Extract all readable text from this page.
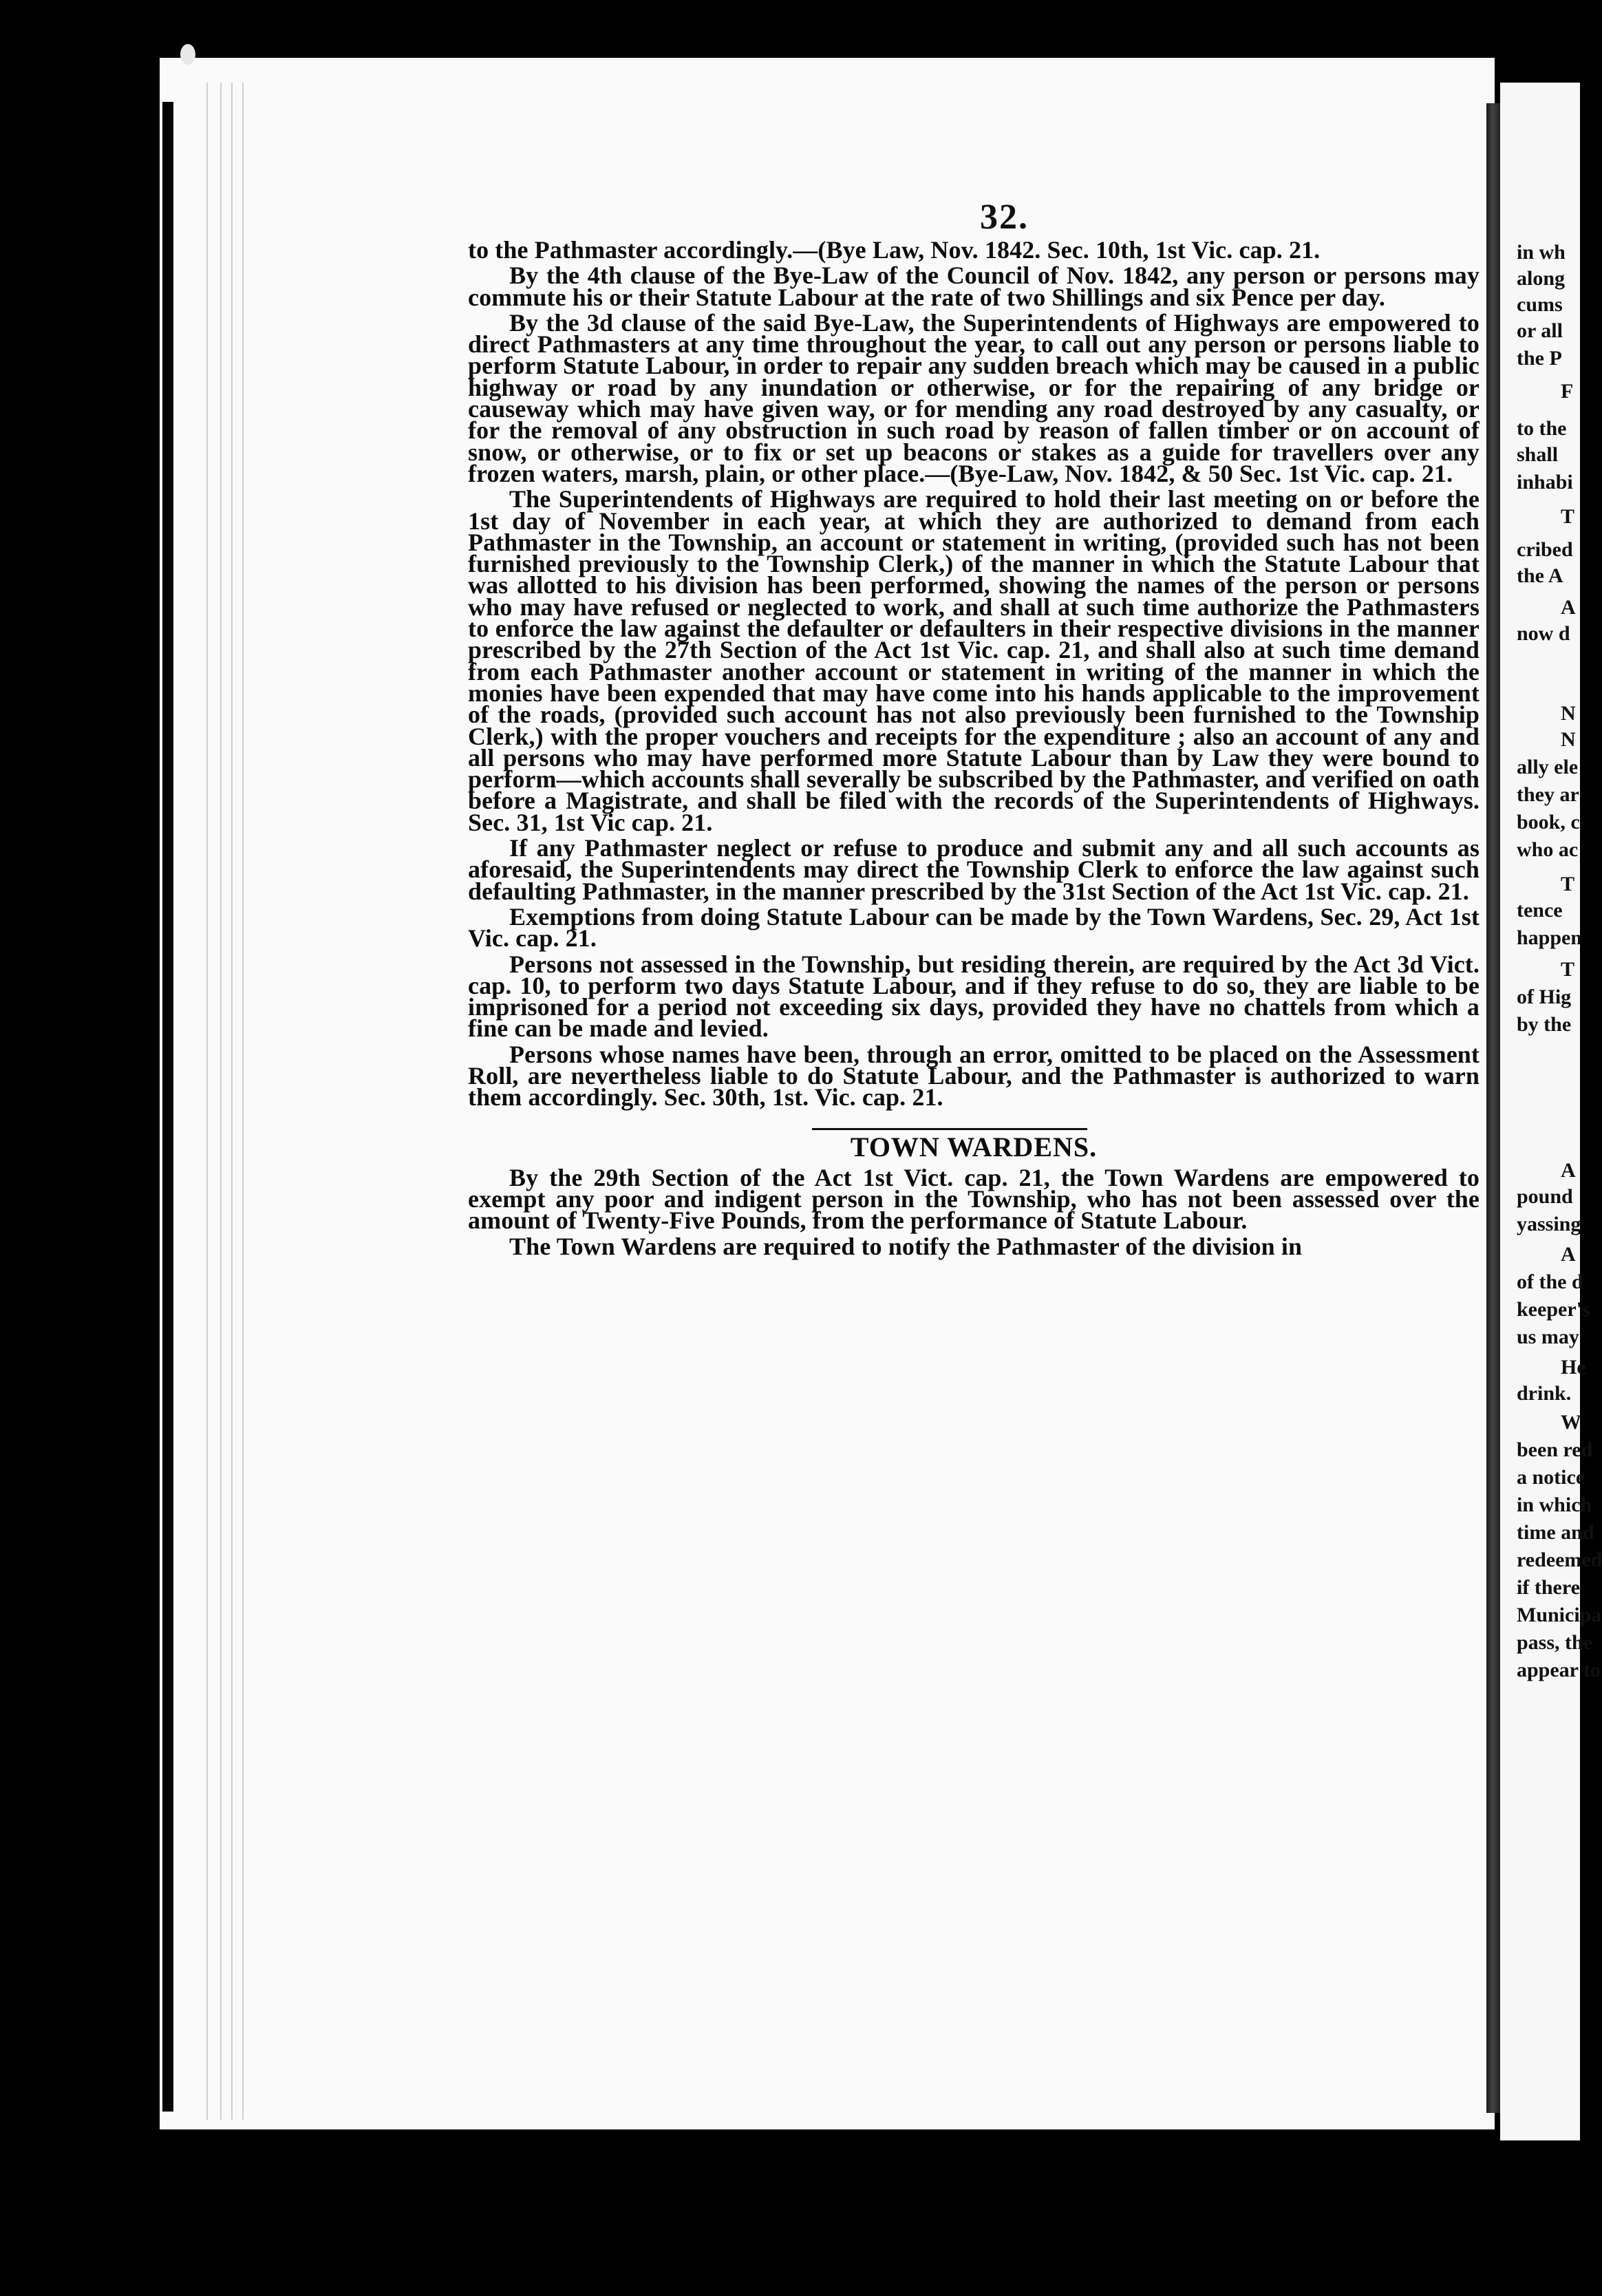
32.

to the Pathmaster accordingly.—(Bye Law, Nov. 1842. Sec. 10th, 1st Vic. cap. 21.

By the 4th clause of the Bye-Law of the Council of Nov. 1842, any person or persons may commute his or their Statute Labour at the rate of two Shillings and six Pence per day.

By the 3d clause of the said Bye-Law, the Superintendents of Highways are empowered to direct Pathmasters at any time throughout the year, to call out any person or persons liable to perform Statute Labour, in order to repair any sudden breach which may be caused in a public highway or road by any inundation or otherwise, or for the repairing of any bridge or causeway which may have given way, or for mending any road destroyed by any casualty, or for the removal of any obstruction in such road by reason of fallen timber or on account of snow, or otherwise, or to fix or set up beacons or stakes as a guide for travellers over any frozen waters, marsh, plain, or other place.—(Bye-Law, Nov. 1842, & 50 Sec. 1st Vic. cap. 21.

The Superintendents of Highways are required to hold their last meeting on or before the 1st day of November in each year, at which they are authorized to demand from each Pathmaster in the Township, an account or statement in writing, (provided such has not been furnished previously to the Township Clerk,) of the manner in which the Statute Labour that was allotted to his division has been performed, showing the names of the person or persons who may have refused or neglected to work, and shall at such time authorize the Pathmasters to enforce the law against the defaulter or defaulters in their respective divisions in the manner prescribed by the 27th Section of the Act 1st Vic. cap. 21, and shall also at such time demand from each Pathmaster another account or statement in writing of the manner in which the monies have been expended that may have come into his hands applicable to the improvement of the roads, (provided such account has not also previously been furnished to the Township Clerk,) with the proper vouchers and receipts for the expenditure ; also an account of any and all persons who may have performed more Statute Labour than by Law they were bound to perform—which accounts shall severally be subscribed by the Pathmaster, and verified on oath before a Magistrate, and shall be filed with the records of the Superintendents of Highways. Sec. 31, 1st Vic cap. 21.

If any Pathmaster neglect or refuse to produce and submit any and all such accounts as aforesaid, the Superintendents may direct the Township Clerk to enforce the law against such defaulting Pathmaster, in the manner prescribed by the 31st Section of the Act 1st Vic. cap. 21.

Exemptions from doing Statute Labour can be made by the Town Wardens, Sec. 29, Act 1st Vic. cap. 21.

Persons not assessed in the Township, but residing therein, are required by the Act 3d Vict. cap. 10, to perform two days Statute Labour, and if they refuse to do so, they are liable to be imprisoned for a period not exceeding six days, provided they have no chattels from which a fine can be made and levied.

Persons whose names have been, through an error, omitted to be placed on the Assessment Roll, are nevertheless liable to do Statute Labour, and the Pathmaster is authorized to warn them accordingly. Sec. 30th, 1st. Vic. cap. 21.

TOWN WARDENS.

By the 29th Section of the Act 1st Vict. cap. 21, the Town Wardens are empowered to exempt any poor and indigent person in the Township, who has not been assessed over the amount of Twenty-Five Pounds, from the performance of Statute Labour.

The Town Wardens are required to notify the Pathmaster of the division in

in wh
along
cums
or all
the P
F
to the
shall
inhabi
T
cribed
the A
A
now d
N
N
ally ele
they ar
book, c
who ac
T
tence
happen
T
of Hig
by the
A
pound
yassing
A
of the d
keeper's
us may
He
drink.
W
been red
a notice
in which
time and
redeemed
if there
Municipa
pass, the
appear to
